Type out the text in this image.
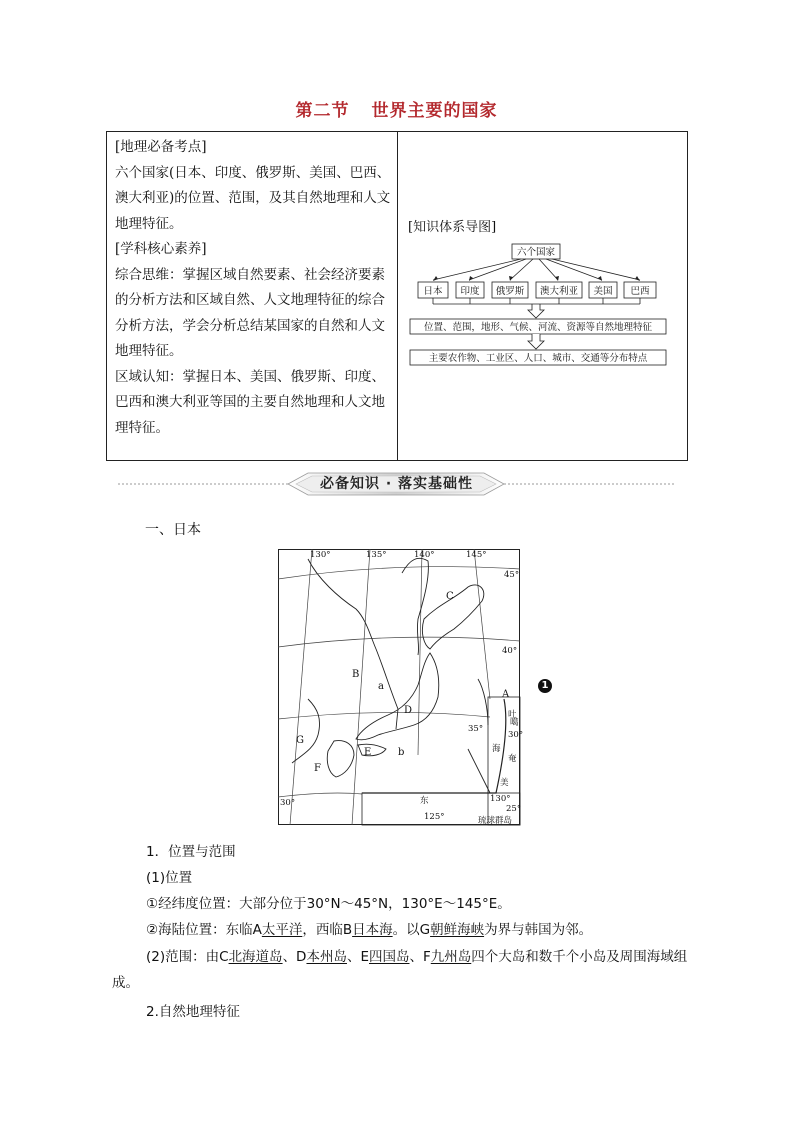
第二节 世界主要的国家

[地理必备考点]

六个国家(日本、印度、俄罗斯、美国、巴西、澳大利亚)的位置、范围，及其自然地理和人文地理特征。

[学科核心素养]

综合思维：掌握区域自然要素、社会经济要素的分析方法和区域自然、人文地理特征的综合分析方法，学会分析总结某国家的自然和人文地理特征。

区域认知：掌握日本、美国、俄罗斯、印度、巴西和澳大利亚等国的主要自然地理和人文地理特征。

[知识体系导图]
六个国家
日本 印度 俄罗斯 澳大利亚 美国 巴西
位置、范围，地形、气候、河流、资源等自然地理特征
主要农作物、工业区、人口、城市、交通等分布特点
必备知识 · 落实基础性
一、日本
130°	135°	140°	145°
45°
40°
35°
30°
A
B
C
D
a
b
G
F
E
130°
125°
30°
25°
东
海
琉球群岛
吐
噶
奄
美
1
1．位置与范围
(1)位置
①经纬度位置：大部分位于30°N～45°N，130°E～145°E。
②海陆位置：东临A太平洋，西临B日本海。以G朝鲜海峡为界与韩国为邻。
(2)范围：由C北海道岛、D本州岛、E四国岛、F九州岛四个大岛和数千个小岛及周围海域组成。
2.自然地理特征
